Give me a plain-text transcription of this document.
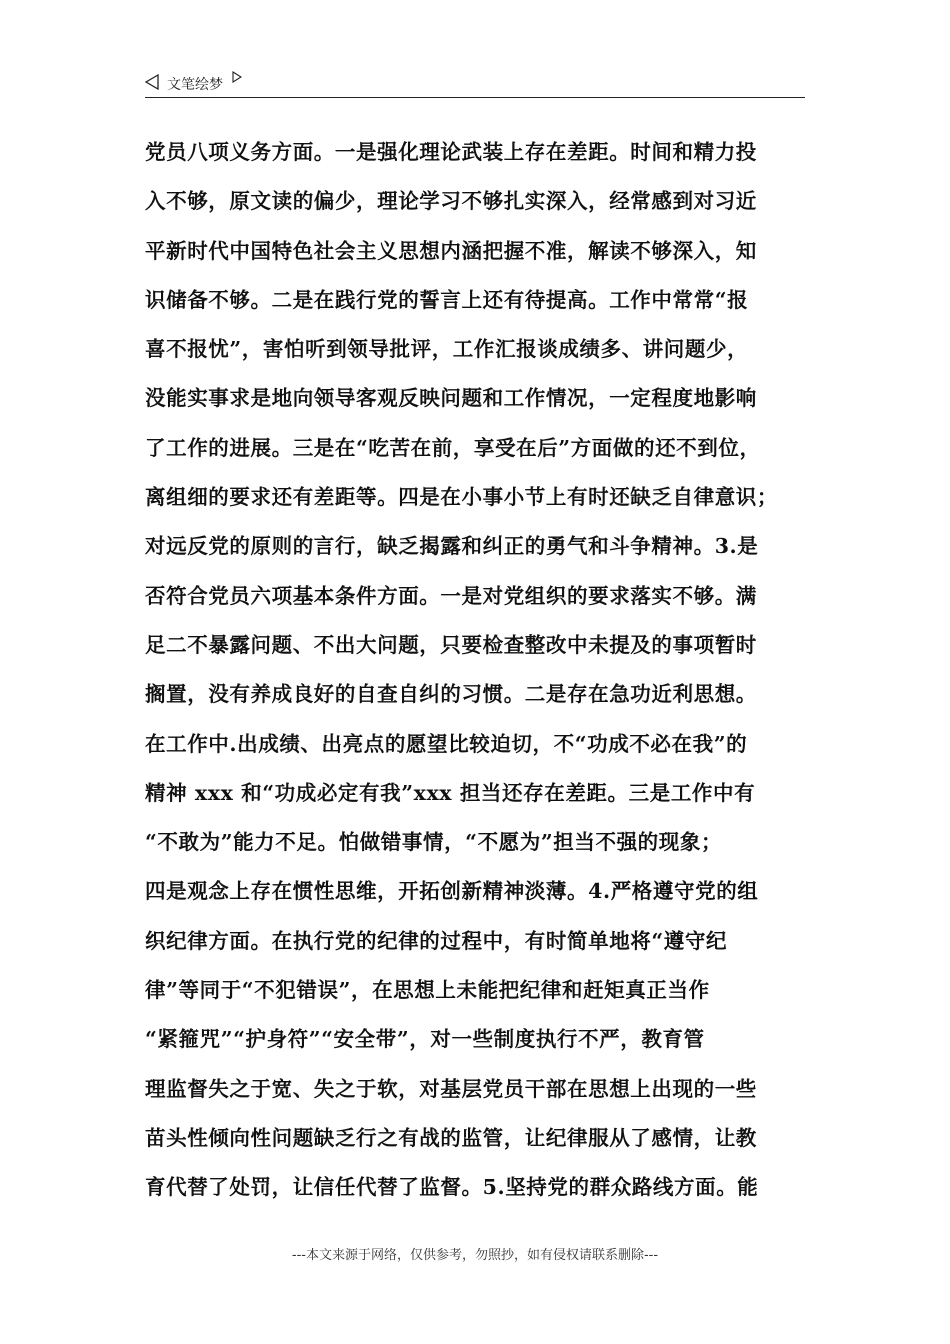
文笔绘梦
党员八项义务方面。一是强化理论武装上存在差距。时间和精力投
入不够，原文读的偏少，理论学习不够扎实深入，经常感到对习近
平新时代中国特色社会主义思想内涵把握不准，解读不够深入，知
识储备不够。二是在践行党的誓言上还有待提高。工作中常常“报
喜不报忧”，害怕听到领导批评，工作汇报谈成绩多、讲问题少，
没能实事求是地向领导客观反映问题和工作情况，一定程度地影响
了工作的进展。三是在“吃苦在前，享受在后”方面做的还不到位，
离组细的要求还有差距等。四是在小事小节上有时还缺乏自律意识；
对远反党的原则的言行，缺乏揭露和纠正的勇气和斗争精神。3.是
否符合党员六项基本条件方面。一是对党组织的要求落实不够。满
足二不暴露问题、不出大问题，只要检查整改中未提及的事项暂时
搁置，没有养成良好的自查自纠的习惯。二是存在急功近利思想。
在工作中.出成绩、出亮点的愿望比较迫切，不“功成不必在我”的
精神 xxx 和“功成必定有我”xxx 担当还存在差距。三是工作中有
“不敢为”能力不足。怕做错事情，“不愿为”担当不强的现象；
四是观念上存在惯性思维，开拓创新精神淡薄。4.严格遵守党的组
织纪律方面。在执行党的纪律的过程中，有时简单地将“遵守纪
律”等同于“不犯错误”，在思想上未能把纪律和赶矩真正当作
“紧箍咒”“护身符”“安全带”，对一些制度执行不严，教育管
理监督失之于宽、失之于软，对基层党员干部在思想上出现的一些
苗头性倾向性问题缺乏行之有战的监管，让纪律服从了感情，让教
育代替了处罚，让信任代替了监督。5.坚持党的群众路线方面。能
---本文来源于网络，仅供参考，勿照抄，如有侵权请联系删除---
